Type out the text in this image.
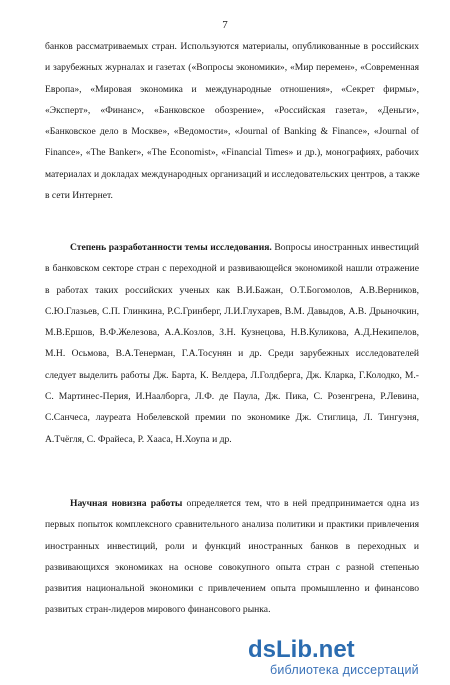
7
банков рассматриваемых стран. Используются материалы, опубликованные в российских
и зарубежных журналах и газетах («Вопросы экономики», «Мир перемен», «Современная
Европа», «Мировая экономика и международные отношения», «Секрет фирмы»,
«Эксперт», «Финанс», «Банковское обозрение», «Российская газета», «Деньги»,
«Банковское дело в Москве», «Ведомости», «Journal of Banking & Finance», «Journal of
Finance», «The Banker», «The Economist», «Financial Times» и др.), монографиях, рабочих
материалах и докладах международных организаций и исследовательских центров, а также
в сети Интернет.
Степень разработанности темы исследования. Вопросы иностранных инвестиций
в банковском секторе стран с переходной и развивающейся экономикой нашли отражение
в работах таких российских ученых как В.И.Бажан, О.Т.Богомолов, А.В.Верников,
С.Ю.Глазьев, С.П. Глинкина, Р.С.Гринберг, Л.И.Глухарев, В.М. Давыдов, А.В. Дрыночкин,
М.В.Ершов, В.Ф.Железова, А.А.Козлов, З.Н. Кузнецова, Н.В.Куликова, А.Д.Некипелов,
М.Н. Осьмова, В.А.Тенерман, Г.А.Тосунян и др. Среди зарубежных исследователей
следует выделить работы Дж. Барта, К. Велдера, Л.Голдберга, Дж. Кларка, Г.Колодко, М.-
С. Мартинес-Перия, И.Наалборга, Л.Ф. де Паула, Дж. Пика, С. Розенгрена, Р.Левина,
С.Санчеса, лауреата Нобелевской премии по экономике Дж. Стиглица, Л. Тингуэня,
А.Тчёгля, С. Фрайеса, Р. Хааса, Н.Хоупа и др.
Научная новизна работы определяется тем, что в ней предпринимается одна из
первых попыток комплексного сравнительного анализа политики и практики привлечения
иностранных инвестиций, роли и функций иностранных банков в переходных и
развивающихся экономиках на основе совокупного опыта стран с разной степенью
развития национальной экономики с привлечением опыта промышленно и финансово
развитых стран-лидеров мирового финансового рынка.
dsLib.net
библиотека диссертаций
